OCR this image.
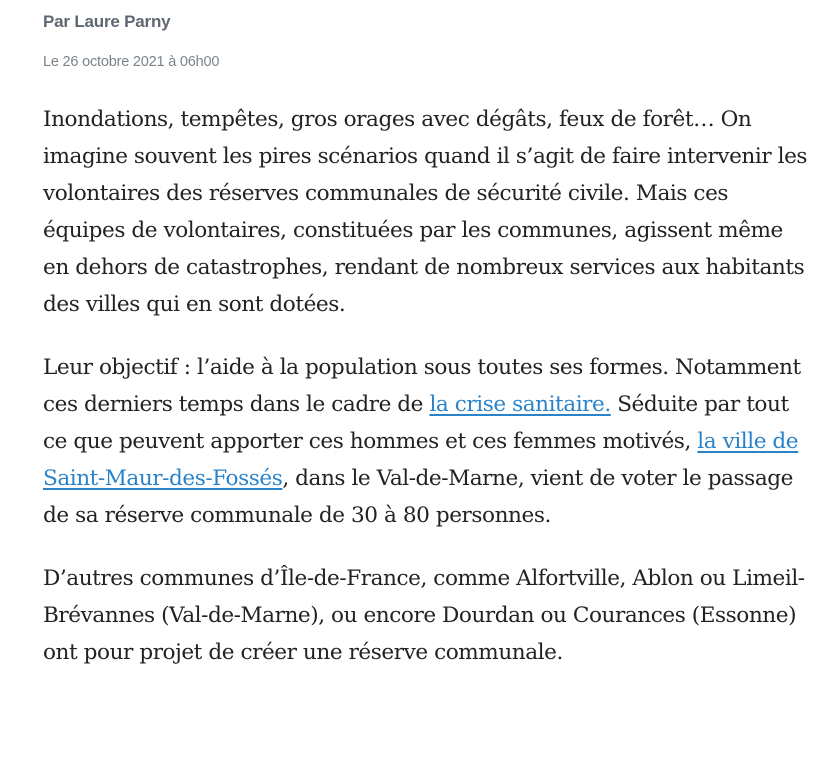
Par Laure Parny
Le 26 octobre 2021 à 06h00

Inondations, tempêtes, gros orages avec dégâts, feux de forêt… On imagine souvent les pires scénarios quand il s’agit de faire intervenir les volontaires des réserves communales de sécurité civile. Mais ces équipes de volontaires, constituées par les communes, agissent même en dehors de catastrophes, rendant de nombreux services aux habitants des villes qui en sont dotées.

Leur objectif : l’aide à la population sous toutes ses formes. Notamment ces derniers temps dans le cadre de la crise sanitaire. Séduite par tout ce que peuvent apporter ces hommes et ces femmes motivés, la ville de Saint-Maur-des-Fossés, dans le Val-de-Marne, vient de voter le passage de sa réserve communale de 30 à 80 personnes.

D’autres communes d’Île-de-France, comme Alfortville, Ablon ou Limeil-Brévannes (Val-de-Marne), ou encore Dourdan ou Courances (Essonne) ont pour projet de créer une réserve communale.
